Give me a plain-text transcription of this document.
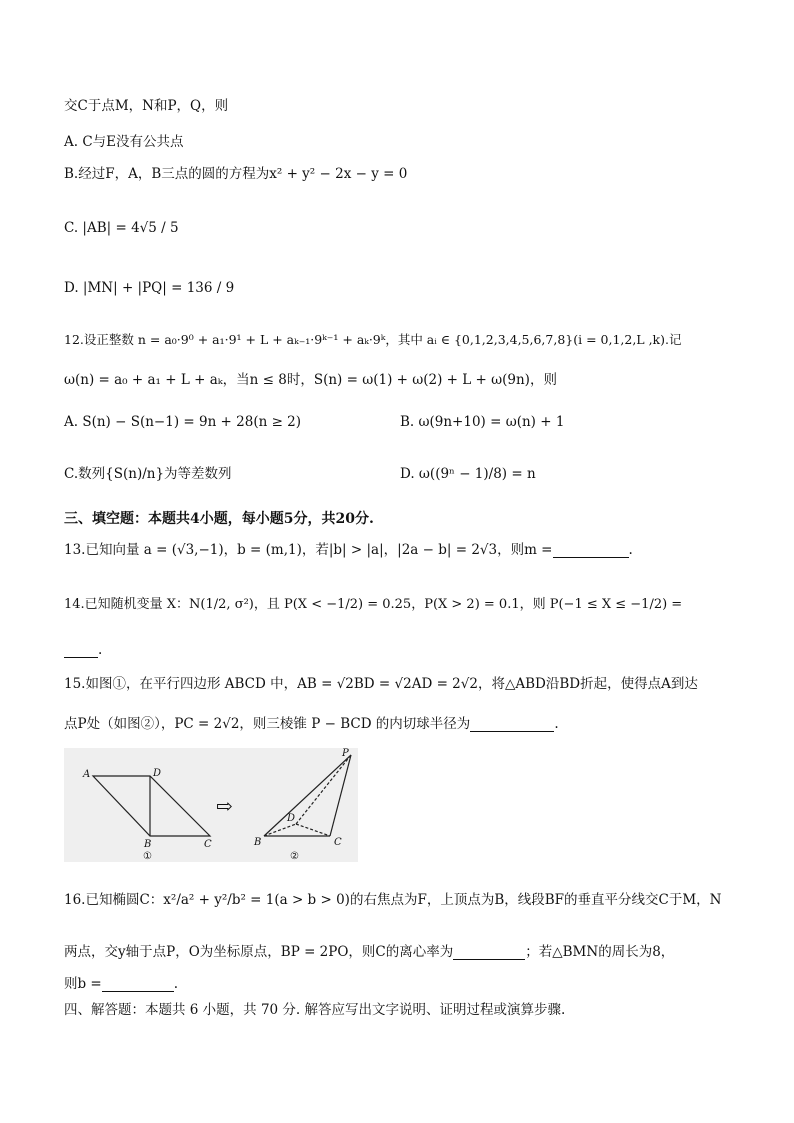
交C于点M，N和P，Q，则
A. C与E没有公共点
B.经过F，A，B三点的圆的方程为x² + y² − 2x − y = 0
C. |AB| = 4√5 / 5
D. |MN| + |PQ| = 136 / 9
12.设正整数 n = a₀·9⁰ + a₁·9¹ + L + aₖ₋₁·9ᵏ⁻¹ + aₖ·9ᵏ，其中 aᵢ ∈ {0,1,2,3,4,5,6,7,8}(i = 0,1,2,L ,k).记
ω(n) = a₀ + a₁ + L + aₖ，当n ≤ 8时，S(n) = ω(1) + ω(2) + L + ω(9n)，则
A. S(n) − S(n−1) = 9n + 28(n ≥ 2)	B. ω(9n+10) = ω(n) + 1
C.数列{S(n)/n}为等差数列	D. ω((9ⁿ − 1)/8) = n
三、填空题：本题共4小题，每小题5分，共20分.
13.已知向量 a = (√3,−1)，b = (m,1)，若|b| > |a|，|2a − b| = 2√3，则m =	.
14.已知随机变量 X：N(1/2, σ²)，且 P(X < −1/2) = 0.25，P(X > 2) = 0.1，则 P(−1 ≤ X ≤ −1/2) =
.
15.如图①，在平行四边形 ABCD 中，AB = √2BD = √2AD = 2√2，将△ABD沿BD折起，使得点A到达
点P处（如图②），PC = 2√2，则三棱锥 P − BCD 的内切球半径为	.
A	D
B	C
①
⇨
P
D
B	C
②
16.已知椭圆C：x²/a² + y²/b² = 1(a > b > 0)的右焦点为F，上顶点为B，线段BF的垂直平分线交C于M，N
两点，交y轴于点P，O为坐标原点，BP = 2PO，则C的离心率为	；若△BMN的周长为8，
则b =	.
四、解答题：本题共 6 小题，共 70 分. 解答应写出文字说明、证明过程或演算步骤.
